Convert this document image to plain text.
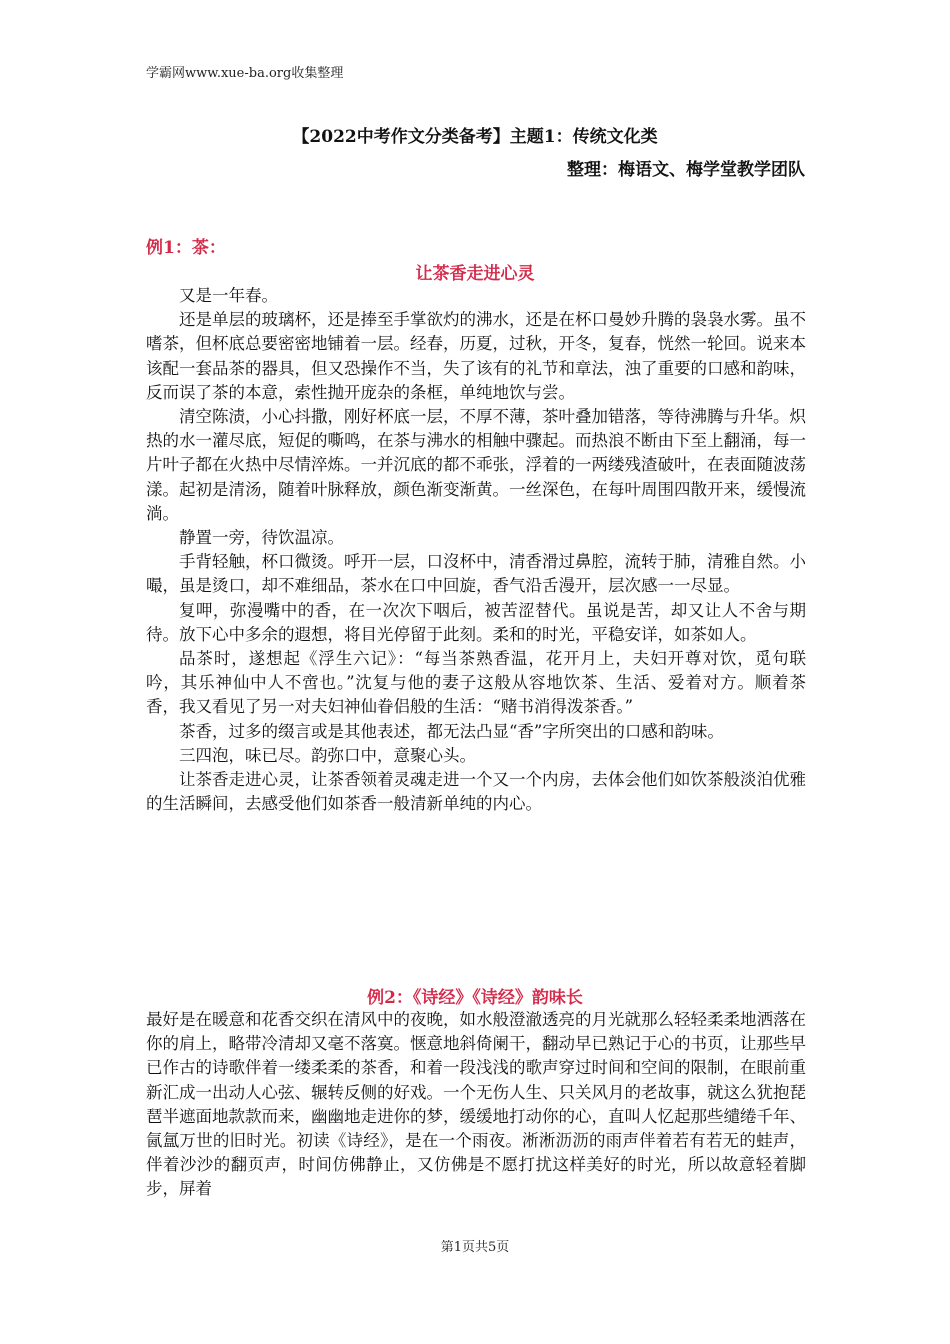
学霸网www.xue-ba.org收集整理
【2022中考作文分类备考】主题1：传统文化类
整理：梅语文、梅学堂教学团队
例1：茶：
让茶香走进心灵

又是一年春。

还是单层的玻璃杯，还是捧至手掌欲灼的沸水，还是在杯口曼妙升腾的袅袅水雾。虽不嗜茶，但杯底总要密密地铺着一层。经春，历夏，过秋，开冬，复春，恍然一轮回。说来本该配一套品茶的器具，但又恐操作不当，失了该有的礼节和章法，浊了重要的口感和韵味，反而误了茶的本意，索性抛开庞杂的条框，单纯地饮与尝。

清空陈渍，小心抖撒，刚好杯底一层，不厚不薄，茶叶叠加错落，等待沸腾与升华。炽热的水一灌尽底，短促的嘶鸣，在茶与沸水的相触中骤起。而热浪不断由下至上翻涌，每一片叶子都在火热中尽情淬炼。一并沉底的都不乖张，浮着的一两缕残渣破叶，在表面随波荡漾。起初是清汤，随着叶脉释放，颜色渐变渐黄。一丝深色，在每叶周围四散开来，缓慢流淌。

静置一旁，待饮温凉。

手背轻触，杯口微烫。呼开一层，口沒杯中，清香滑过鼻腔，流转于肺，清雅自然。小嘬，虽是烫口，却不难细品，茶水在口中回旋，香气沿舌漫开，层次感一一尽显。

复呷，弥漫嘴中的香，在一次次下咽后，被苦涩替代。虽说是苦，却又让人不舍与期待。放下心中多余的遐想，将目光停留于此刻。柔和的时光，平稳安详，如茶如人。

品茶时，遂想起《浮生六记》：“每当茶熟香温，花开月上，夫妇开尊对饮，觅句联吟，其乐神仙中人不啻也。”沈复与他的妻子这般从容地饮茶、生活、爱着对方。顺着茶香，我又看见了另一对夫妇神仙眷侣般的生活：“赌书消得泼茶香。”

茶香，过多的缀言或是其他表述，都无法凸显“香”字所突出的口感和韵味。

三四泡，味已尽。韵弥口中，意聚心头。

让茶香走进心灵，让茶香领着灵魂走进一个又一个内房，去体会他们如饮茶般淡泊优雅的生活瞬间，去感受他们如茶香一般清新单纯的内心。

例2：《诗经》《诗经》韵味长

最好是在暖意和花香交织在清风中的夜晚，如水般澄澈透亮的月光就那么轻轻柔柔地洒落在你的肩上，略带冷清却又毫不落寞。惬意地斜倚阑干，翻动早已熟记于心的书页，让那些早已作古的诗歌伴着一缕柔柔的茶香，和着一段浅浅的歌声穿过时间和空间的限制，在眼前重新汇成一出动人心弦、辗转反侧的好戏。一个无伤人生、只关风月的老故事，就这么犹抱琵琶半遮面地款款而来，幽幽地走进你的梦，缓缓地打动你的心，直叫人忆起那些缱绻千年、氤氲万世的旧时光。初读《诗经》，是在一个雨夜。淅淅沥沥的雨声伴着若有若无的蛙声，伴着沙沙的翻页声，时间仿佛静止，又仿佛是不愿打扰这样美好的时光，所以故意轻着脚步，屏着

第1页共5页
